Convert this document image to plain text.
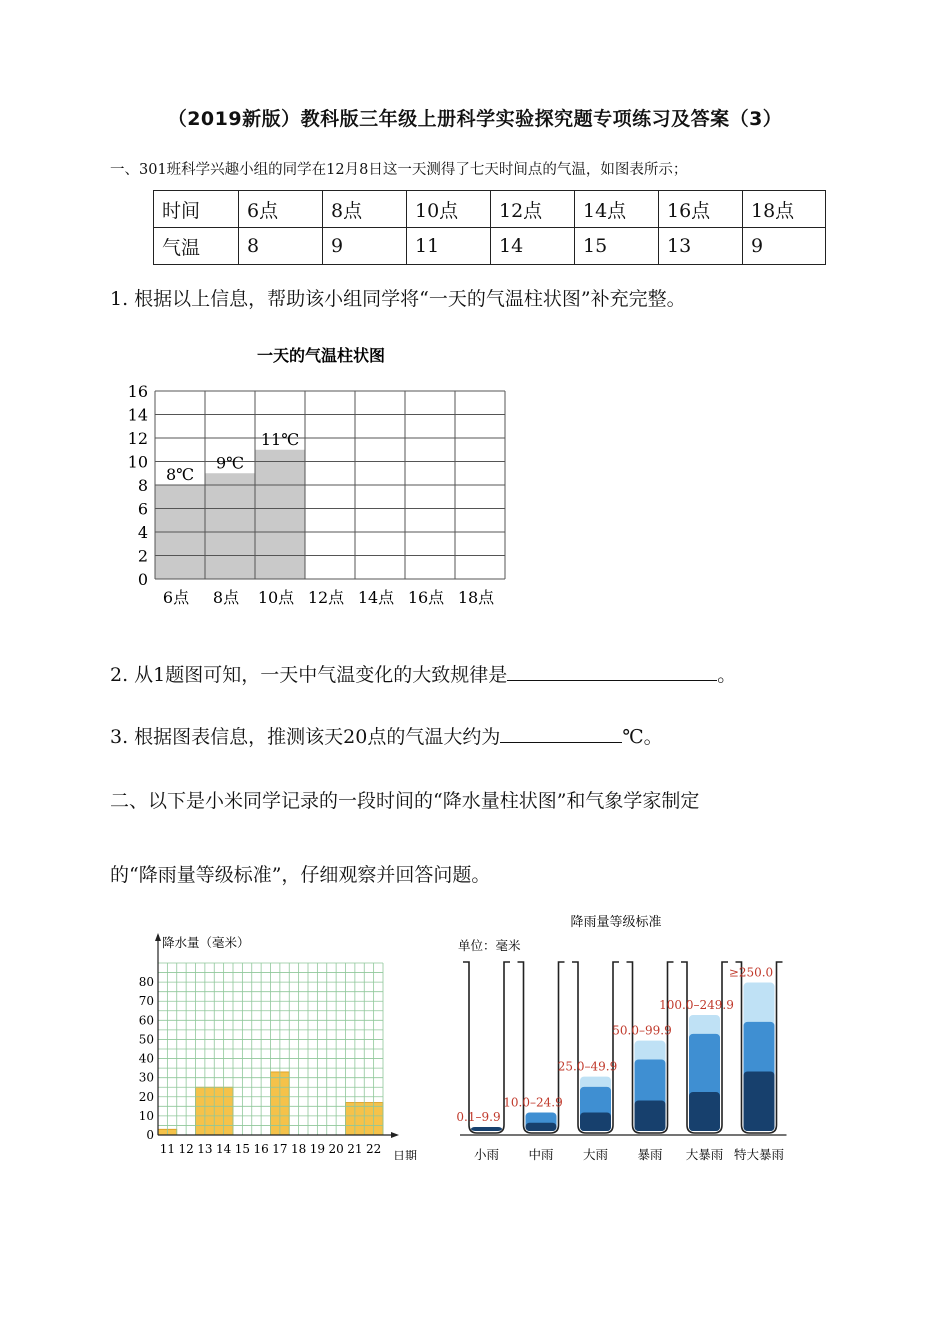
（2019新版）教科版三年级上册科学实验探究题专项练习及答案（3）
一、301班科学兴趣小组的同学在12月8日这一天测得了七天时间点的气温，如图表所示；
时间	6点	8点	10点	12点	14点	16点	18点
气温	8	9	11	14	15	13	9
1. 根据以上信息，帮助该小组同学将“一天的气温柱状图”补充完整。
一天的气温柱状图
0
2
4
6
8
10
12
14
16
6点 8点 10点 12点 14点 16点 18点
8℃
9℃
11℃
2. 从1题图可知，一天中气温变化的大致规律是	。
3. 根据图表信息，推测该天20点的气温大约为	℃。
二、以下是小米同学记录的一段时间的“降水量柱状图”和气象学家制定
的“降雨量等级标准”，仔细观察并回答问题。
降水量（毫米）
日期
0
10
20
30
40
50
60
70
80
11 12 13 14 15 16 17 18 19 20 21 22
降雨量等级标准
单位：毫米
小雨
0.1–9.9
中雨
10.0–24.9
大雨
25.0–49.9
暴雨
50.0–99.9
大暴雨
100.0–249.9
特大暴雨
≥250.0
